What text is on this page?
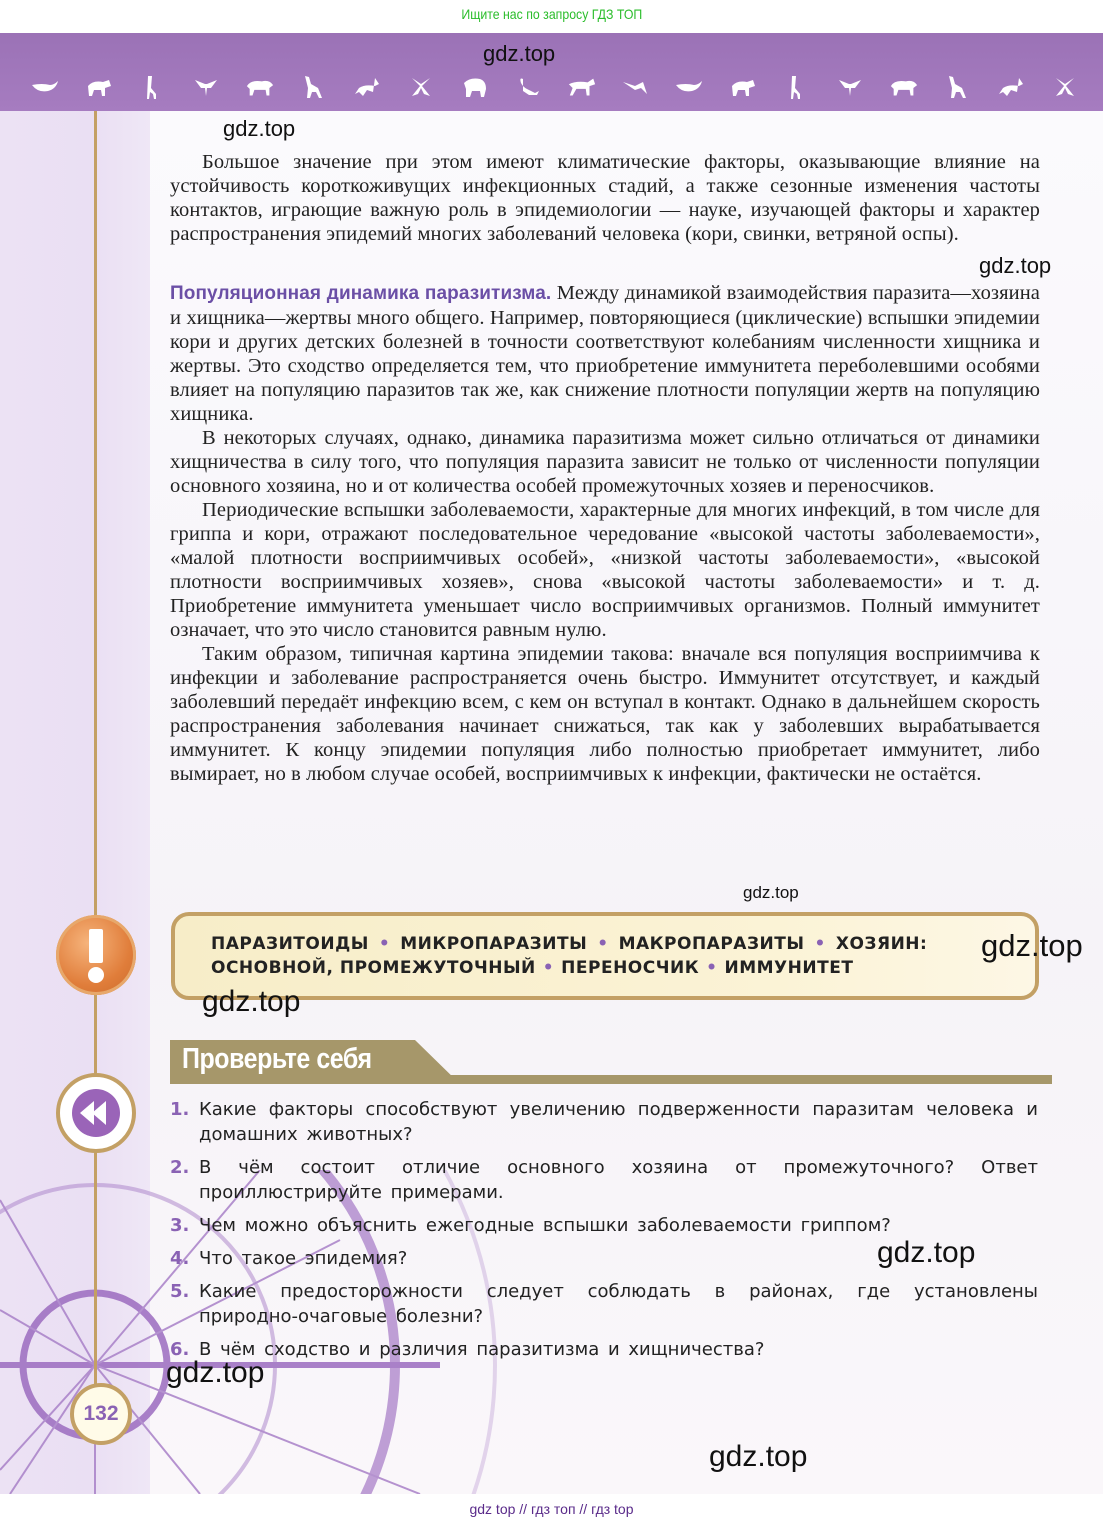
Ищите нас по запросу ГДЗ ТОП
gdz.top
gdz.top

Большое значение при этом имеют климатические факторы, оказывающие влияние на устойчивость короткоживущих инфекционных стадий, а также сезонные изменения частоты контактов, играющие важную роль в эпидемиологии — науке, изучающей факторы и характер распространения эпидемий многих заболеваний человека (кори, свинки, ветряной оспы).

gdz.top

Популяционная динамика паразитизма. Между динамикой взаимодействия паразита—хозяина и хищника—жертвы много общего. Например, повторяющиеся (циклические) вспышки эпидемии кори и других детских болезней в точности соответствуют колебаниям численности хищника и жертвы. Это сходство определяется тем, что приобретение иммунитета переболевшими особями влияет на популяцию паразитов так же, как снижение плотности популяции жертв на популяцию хищника.

В некоторых случаях, однако, динамика паразитизма может сильно отличаться от динамики хищничества в силу того, что популяция паразита зависит не только от численности популяции основного хозяина, но и от количества особей промежуточных хозяев и переносчиков.

Периодические вспышки заболеваемости, характерные для многих инфекций, в том числе для гриппа и кори, отражают последовательное чередование «высокой частоты заболеваемости», «малой плотности восприимчивых особей», «низкой частоты заболеваемости», «высокой плотности восприимчивых хозяев», снова «высокой частоты заболеваемости» и т. д. Приобретение иммунитета уменьшает число восприимчивых организмов. Полный иммунитет означает, что это число становится равным нулю.

Таким образом, типичная картина эпидемии такова: вначале вся популяция восприимчива к инфекции и заболевание распространяется очень быстро. Иммунитет отсутствует, и каждый заболевший передаёт инфекцию всем, с кем он вступал в контакт. Однако в дальнейшем скорость распространения заболевания начинает снижаться, так как у заболевших вырабатывается иммунитет. К концу эпидемии популяция либо полностью приобретает иммунитет, либо вымирает, но в любом случае особей, восприимчивых к инфекции, фактически не остаётся.

gdz.top
ПАРАЗИТОИДЫ • МИКРОПАРАЗИТЫ • МАКРОПАРАЗИТЫ • ХОЗЯИН:
ОСНОВНОЙ, ПРОМЕЖУТОЧНЫЙ • ПЕРЕНОСЧИК • ИММУНИТЕТ
gdz.top
gdz.top
Проверьте себя
1. Какие факторы способствуют увеличению подверженности паразитам человека и домашних животных?
2. В чём состоит отличие основного хозяина от промежуточного? Ответ проиллюстрируйте примерами.
3. Чем можно объяснить ежегодные вспышки заболеваемости гриппом?
4. Что такое эпидемия?
5. Какие предосторожности следует соблюдать в районах, где установлены природно-очаговые болезни?
6. В чём сходство и различия паразитизма и хищничества?
gdz.top
gdz.top
gdz.top
132
gdz top // гдз топ // гдз top
